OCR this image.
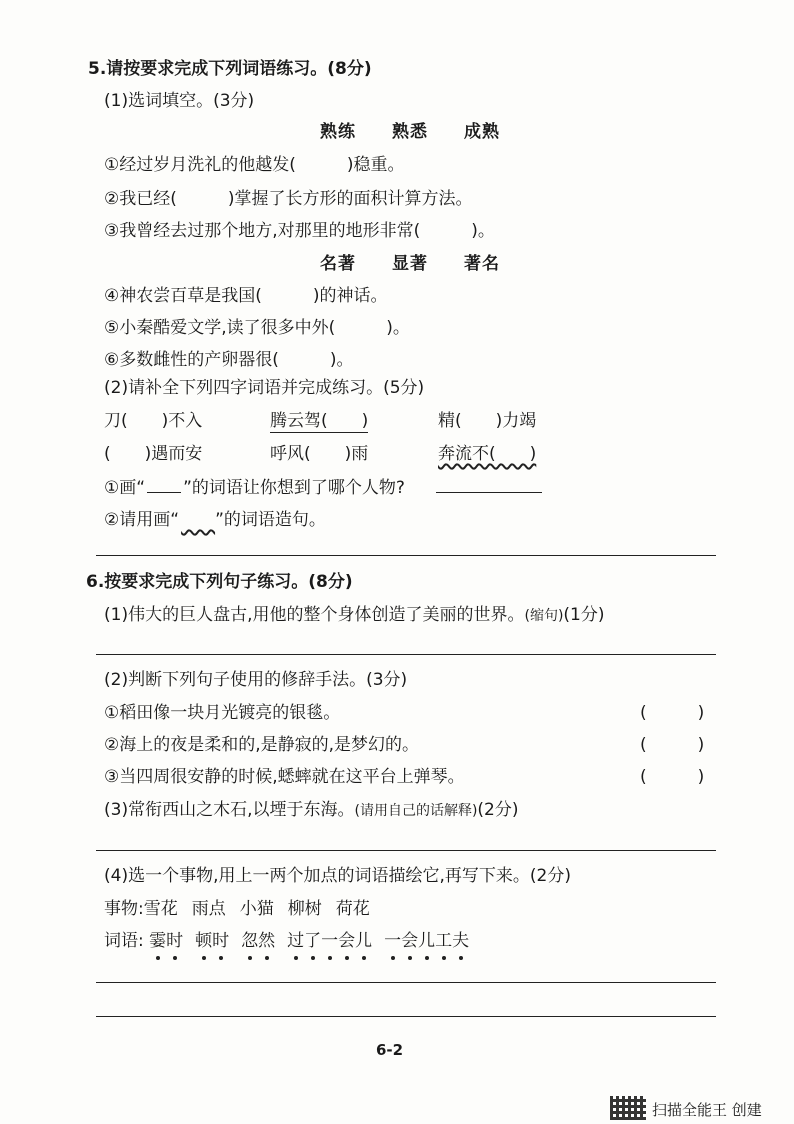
5.请按要求完成下列词语练习。(8分)
(1)选词填空。(3分)
熟练 熟悉 成熟
①经过岁月洗礼的他越发(　　　)稳重。
②我已经(　　　)掌握了长方形的面积计算方法。
③我曾经去过那个地方,对那里的地形非常(　　　)。
名著 显著 著名
④神农尝百草是我国(　　　)的神话。
⑤小秦酷爱文学,读了很多中外(　　　)。
⑥多数雌性的产卵器很(　　　)。
(2)请补全下列四字词语并完成练习。(5分)
刀(　　)不入	腾云驾(　　)	精(　　)力竭
(　　)遇而安	呼风(　　)雨	奔流不(　　)
①画“ ”的词语让你想到了哪个人物?
②请用画“　　 ”的词语造句。
6.按要求完成下列句子练习。(8分)
(1)伟大的巨人盘古,用他的整个身体创造了美丽的世界。(缩句)(1分)
(2)判断下列句子使用的修辞手法。(3分)
①稻田像一块月光镀亮的银毯。	(　　　)
②海上的夜是柔和的,是静寂的,是梦幻的。	(　　　)
③当四周很安静的时候,蟋蟀就在这平台上弹琴。	(　　　)
(3)常衔西山之木石,以堙于东海。(请用自己的话解释)(2分)
(4)选一个事物,用上一两个加点的词语描绘它,再写下来。(2分)
事物:雪花 雨点 小猫 柳树 荷花
词语: 霎时 顿时 忽然 过了一会儿 一会儿工夫
6-2
扫描全能王 创建
